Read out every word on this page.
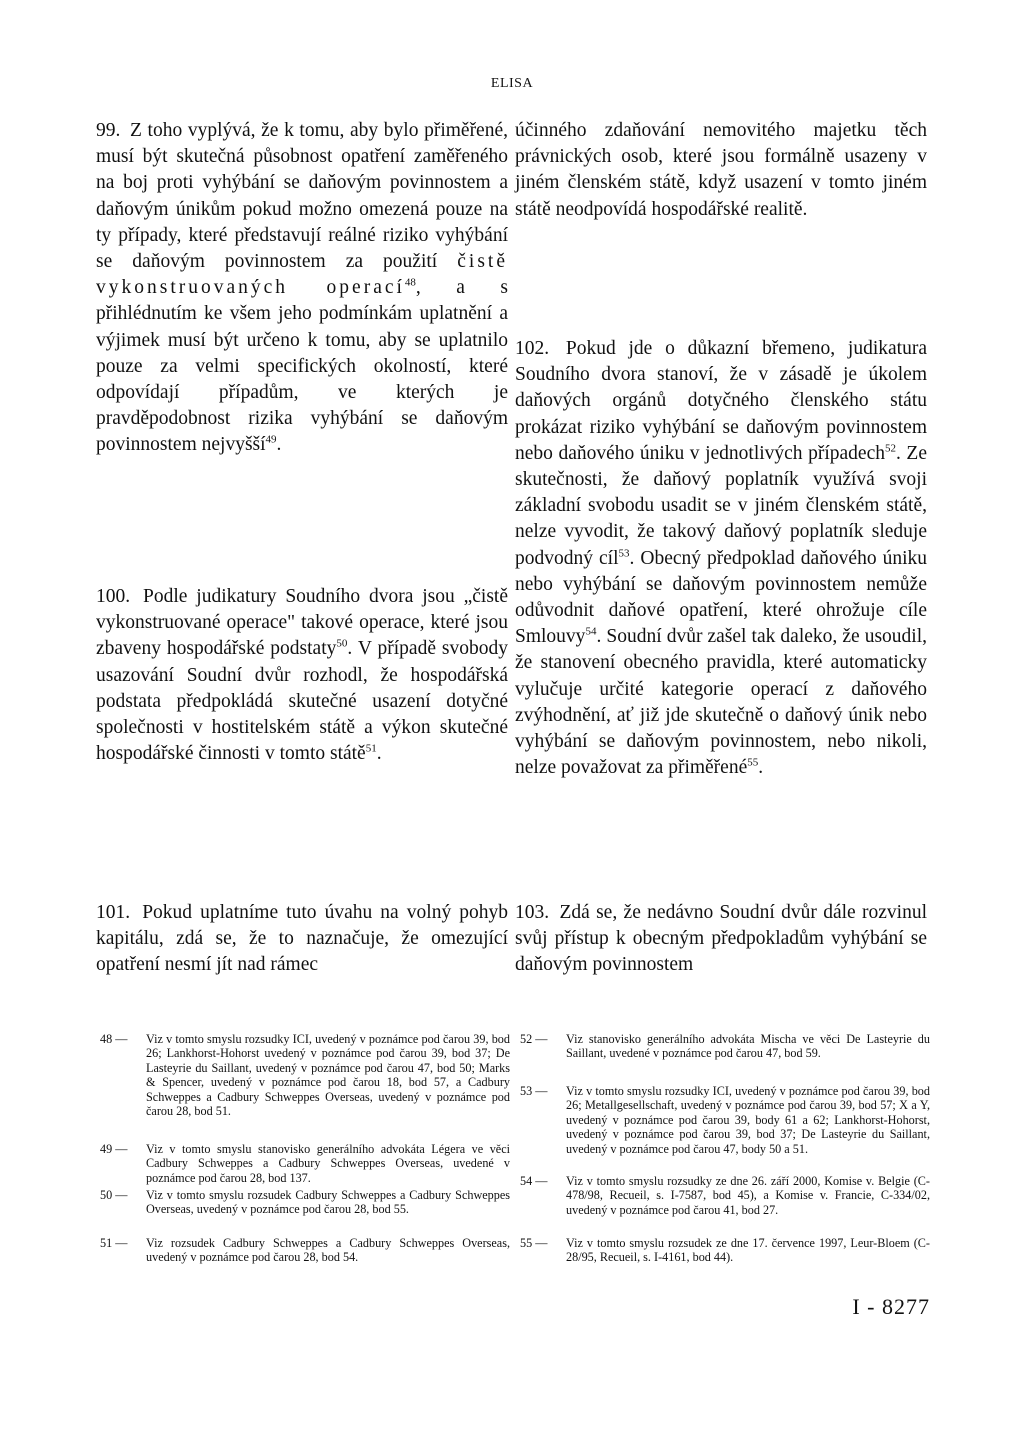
ELISA

99. Z toho vyplývá, že k tomu, aby bylo přiměřené, musí být skutečná působnost opatření zaměřeného na boj proti vyhýbání se daňovým povinnostem a daňovým únikům pokud možno omezená pouze na ty případy, které představují reálné riziko vyhýbání se daňovým povinnostem za použití čistě vykonstruovaných operací$^{48}$, a s přihlédnutím ke všem jeho podmínkám uplatnění a výjimek musí být určeno k tomu, aby se uplatnilo pouze za velmi specifických okolností, které odpovídají případům, ve kterých je pravděpodobnost rizika vyhýbání se daňovým povinnostem nejvyšší$^{49}$.

100. Podle judikatury Soudního dvora jsou „čistě vykonstruované operace" takové operace, které jsou zbaveny hospodářské podstaty$^{50}$. V případě svobody usazování Soudní dvůr rozhodl, že hospodářská podstata předpokládá skutečné usazení dotyčné společnosti v hostitelském státě a výkon skutečné hospodářské činnosti v tomto státě$^{51}$.

101. Pokud uplatníme tuto úvahu na volný pohyb kapitálu, zdá se, že to naznačuje, že omezující opatření nesmí jít nad rámec

účinného zdaňování nemovitého majetku těch právnických osob, které jsou formálně usazeny v jiném členském státě, když usazení v tomto jiném státě neodpovídá hospodářské realitě.

102. Pokud jde o důkazní břemeno, judikatura Soudního dvora stanoví, že v zásadě je úkolem daňových orgánů dotyčného členského státu prokázat riziko vyhýbání se daňovým povinnostem nebo daňového úniku v jednotlivých případech$^{52}$. Ze skutečnosti, že daňový poplatník využívá svoji základní svobodu usadit se v jiném členském státě, nelze vyvodit, že takový daňový poplatník sleduje podvodný cíl$^{53}$. Obecný předpoklad daňového úniku nebo vyhýbání se daňovým povinnostem nemůže odůvodnit daňové opatření, které ohrožuje cíle Smlouvy$^{54}$. Soudní dvůr zašel tak daleko, že usoudil, že stanovení obecného pravidla, které automaticky vylučuje určité kategorie operací z daňového zvýhodnění, ať již jde skutečně o daňový únik nebo vyhýbání se daňovým povinnostem, nebo nikoli, nelze považovat za přiměřené$^{55}$.

103. Zdá se, že nedávno Soudní dvůr dále rozvinul svůj přístup k obecným předpokladům vyhýbání se daňovým povinnostem

48 — Viz v tomto smyslu rozsudky ICI, uvedený v poznámce pod čarou 39, bod 26; Lankhorst-Hohorst uvedený v poznámce pod čarou 39, bod 37; De Lasteyrie du Saillant, uvedený v poznámce pod čarou 47, bod 50; Marks & Spencer, uvedený v poznámce pod čarou 18, bod 57, a Cadbury Schweppes a Cadbury Schweppes Overseas, uvedený v poznámce pod čarou 28, bod 51.

49 — Viz v tomto smyslu stanovisko generálního advokáta Légera ve věci Cadbury Schweppes a Cadbury Schweppes Overseas, uvedené v poznámce pod čarou 28, bod 137.

50 — Viz v tomto smyslu rozsudek Cadbury Schweppes a Cadbury Schweppes Overseas, uvedený v poznámce pod čarou 28, bod 55.

51 — Viz rozsudek Cadbury Schweppes a Cadbury Schweppes Overseas, uvedený v poznámce pod čarou 28, bod 54.

52 — Viz stanovisko generálního advokáta Mischa ve věci De Lasteyrie du Saillant, uvedené v poznámce pod čarou 47, bod 59.

53 — Viz v tomto smyslu rozsudky ICI, uvedený v poznámce pod čarou 39, bod 26; Metallgesellschaft, uvedený v poznámce pod čarou 39, bod 57; X a Y, uvedený v poznámce pod čarou 39, body 61 a 62; Lankhorst-Hohorst, uvedený v poznámce pod čarou 39, bod 37; De Lasteyrie du Saillant, uvedený v poznámce pod čarou 47, body 50 a 51.

54 — Viz v tomto smyslu rozsudky ze dne 26. září 2000, Komise v. Belgie (C-478/98, Recueil, s. I-7587, bod 45), a Komise v. Francie, C-334/02, uvedený v poznámce pod čarou 41, bod 27.

55 — Viz v tomto smyslu rozsudek ze dne 17. července 1997, Leur-Bloem (C-28/95, Recueil, s. I-4161, bod 44).

I - 8277
